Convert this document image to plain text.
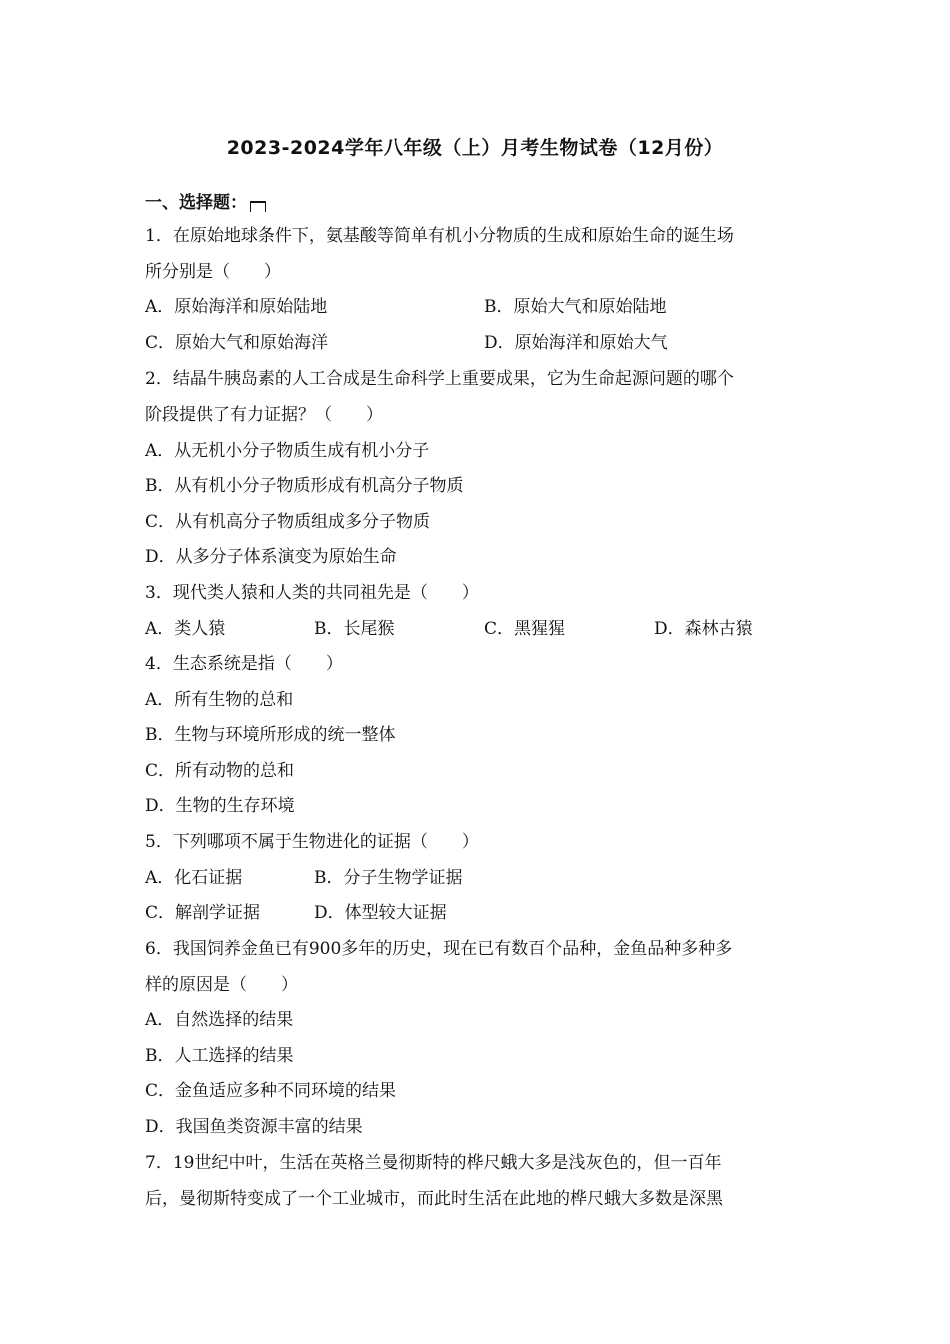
2023-2024学年八年级（上）月考生物试卷（12月份）
一、选择题：
1．在原始地球条件下，氨基酸等简单有机小分物质的生成和原始生命的诞生场
所分别是（　　）
A．原始海洋和原始陆地	B．原始大气和原始陆地
C．原始大气和原始海洋	D．原始海洋和原始大气
2．结晶牛胰岛素的人工合成是生命科学上重要成果，它为生命起源问题的哪个
阶段提供了有力证据？（　　）
A．从无机小分子物质生成有机小分子
B．从有机小分子物质形成有机高分子物质
C．从有机高分子物质组成多分子物质
D．从多分子体系演变为原始生命
3．现代类人猿和人类的共同祖先是（　　）
A．类人猿	B．长尾猴	C．黑猩猩	D．森林古猿
4．生态系统是指（　　）
A．所有生物的总和
B．生物与环境所形成的统一整体
C．所有动物的总和
D．生物的生存环境
5．下列哪项不属于生物进化的证据（　　）
A．化石证据	B．分子生物学证据
C．解剖学证据	D．体型较大证据
6．我国饲养金鱼已有900多年的历史，现在已有数百个品种，金鱼品种多种多
样的原因是（　　）
A．自然选择的结果
B．人工选择的结果
C．金鱼适应多种不同环境的结果
D．我国鱼类资源丰富的结果
7．19世纪中叶，生活在英格兰曼彻斯特的桦尺蛾大多是浅灰色的，但一百年
后，曼彻斯特变成了一个工业城市，而此时生活在此地的桦尺蛾大多数是深黑
